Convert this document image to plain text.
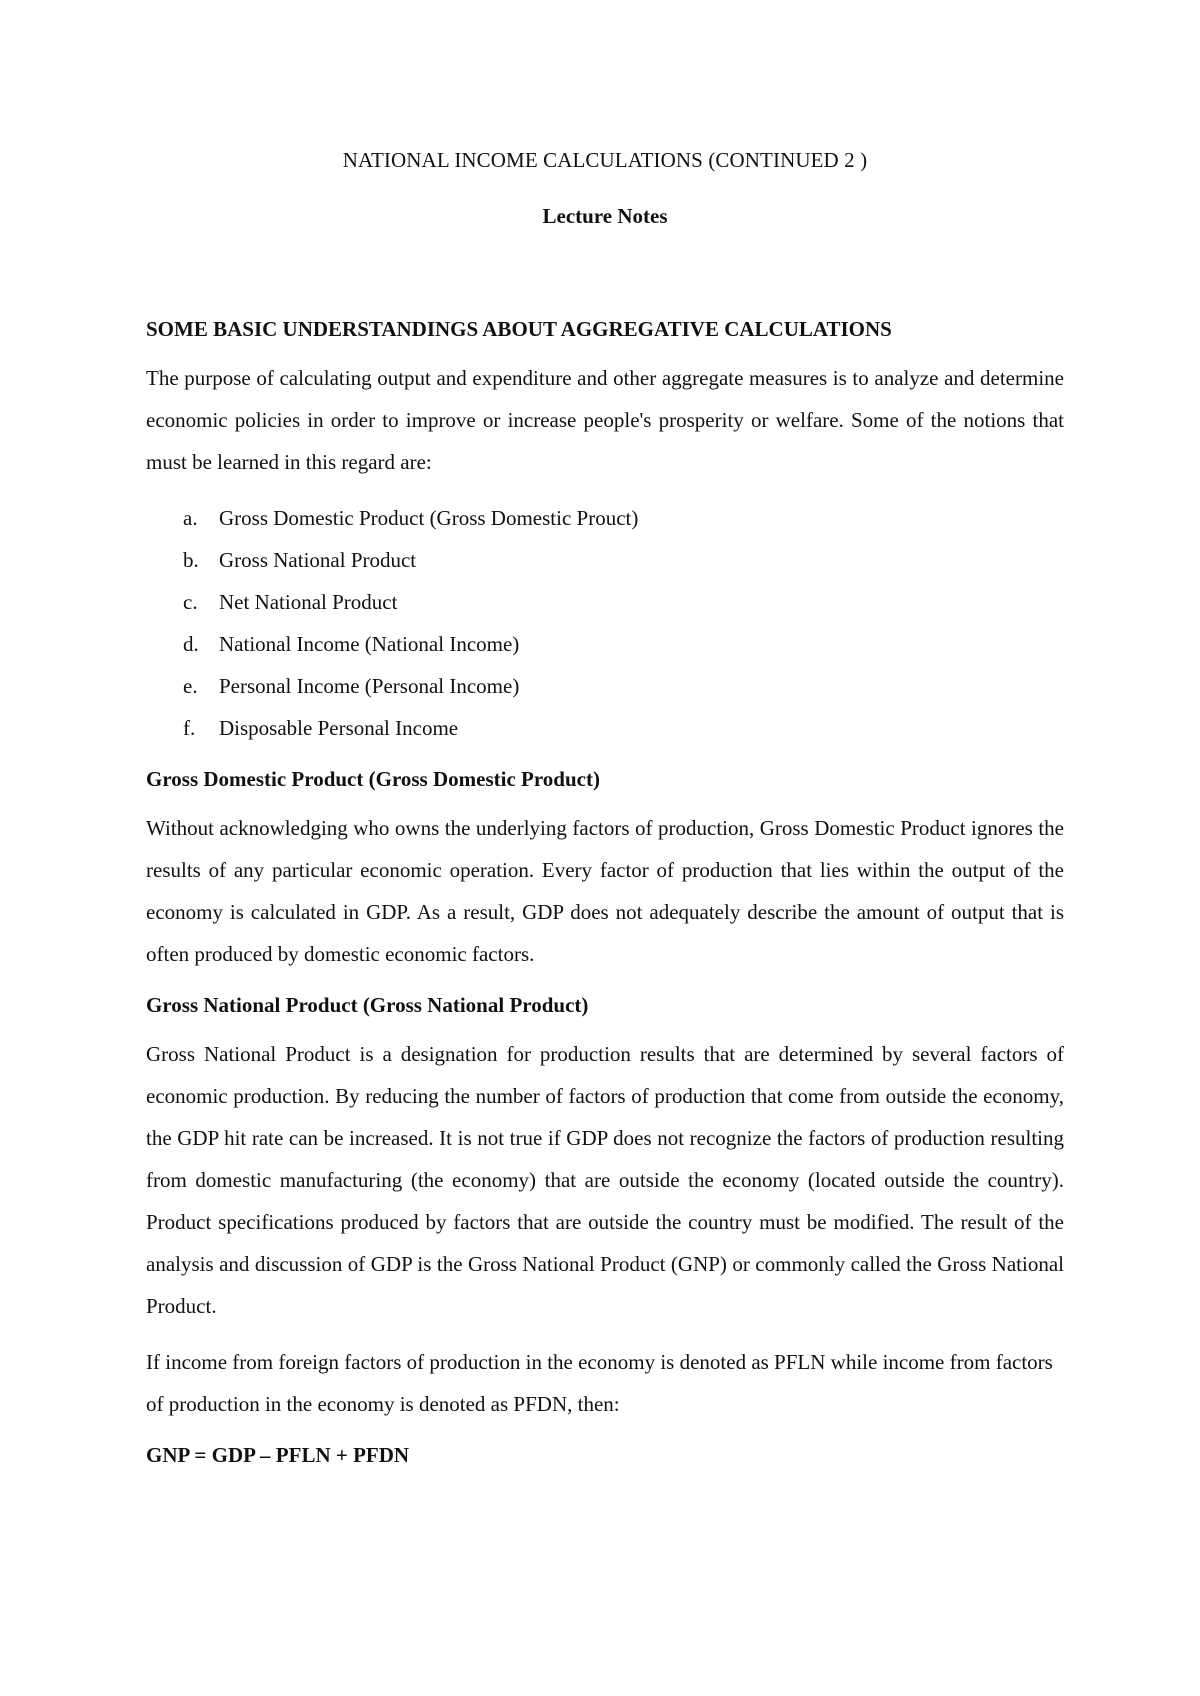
NATIONAL INCOME CALCULATIONS (CONTINUED 2 )

Lecture Notes

SOME BASIC UNDERSTANDINGS ABOUT AGGREGATIVE CALCULATIONS

The purpose of calculating output and expenditure and other aggregate measures is to analyze and determine economic policies in order to improve or increase people's prosperity or welfare. Some of the notions that must be learned in this regard are:

a.	Gross Domestic Product (Gross Domestic Prouct)
b. Gross National Product
c.	Net National Product
d. National Income (National Income)
e.	Personal Income (Personal Income)
f.	Disposable Personal Income

Gross Domestic Product (Gross Domestic Product)

Without acknowledging who owns the underlying factors of production, Gross Domestic Product ignores the results of any particular economic operation. Every factor of production that lies within the output of the economy is calculated in GDP. As a result, GDP does not adequately describe the amount of output that is often produced by domestic economic factors.

Gross National Product (Gross National Product)

Gross National Product is a designation for production results that are determined by several factors of economic production. By reducing the number of factors of production that come from outside the economy, the GDP hit rate can be increased. It is not true if GDP does not recognize the factors of production resulting from domestic manufacturing (the economy) that are outside the economy (located outside the country). Product specifications produced by factors that are outside the country must be modified. The result of the analysis and discussion of GDP is the Gross National Product (GNP) or commonly called the Gross National Product.

If income from foreign factors of production in the economy is denoted as PFLN while income from factors of production in the economy is denoted as PFDN, then:

GNP = GDP – PFLN + PFDN
